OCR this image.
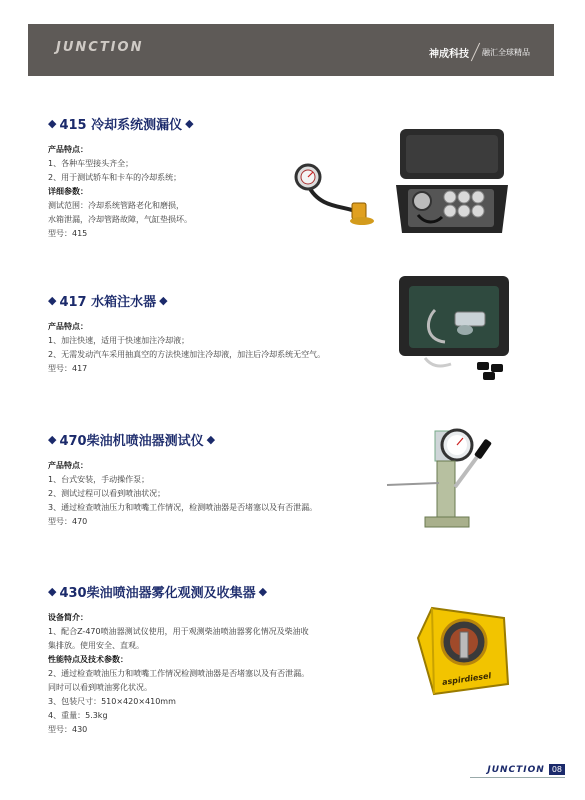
JUNCTION	神成科技 融汇全球精品
◆ 415 冷却系统测漏仪 ◆
产品特点：
1、各种车型接头齐全；
2、用于测试轿车和卡车的冷却系统；
详细参数：
测试范围：冷却系统管路老化和磨损，
水箱泄漏，冷却管路故障，气缸垫损坏。
型号：415
◆ 417 水箱注水器 ◆
产品特点：
1、加注快速，适用于快速加注冷却液；
2、无需发动汽车采用抽真空的方法快速加注冷却液，加注后冷却系统无空气。
型号：417
◆ 470柴油机喷油器测试仪 ◆
产品特点：
1、台式安装，手动操作泵；
2、测试过程可以看到喷油状况；
3、通过检查喷油压力和喷嘴工作情况，检测喷油器是否堵塞以及有否泄漏。
型号：470
◆ 430柴油喷油器雾化观测及收集器 ◆
设备简介：
1、配合Z-470喷油器测试仪使用，用于观测柴油喷油器雾化情况及柴油收
集排放。使用安全、直观。
性能特点及技术参数：
2、通过检查喷油压力和喷嘴工作情况检测喷油器是否堵塞以及有否泄漏。
同时可以看到喷油雾化状况。
3、包装尺寸：510×420×410mm
4、重量：5.3kg
型号：430
aspirdiesel
JUNCTION 08
